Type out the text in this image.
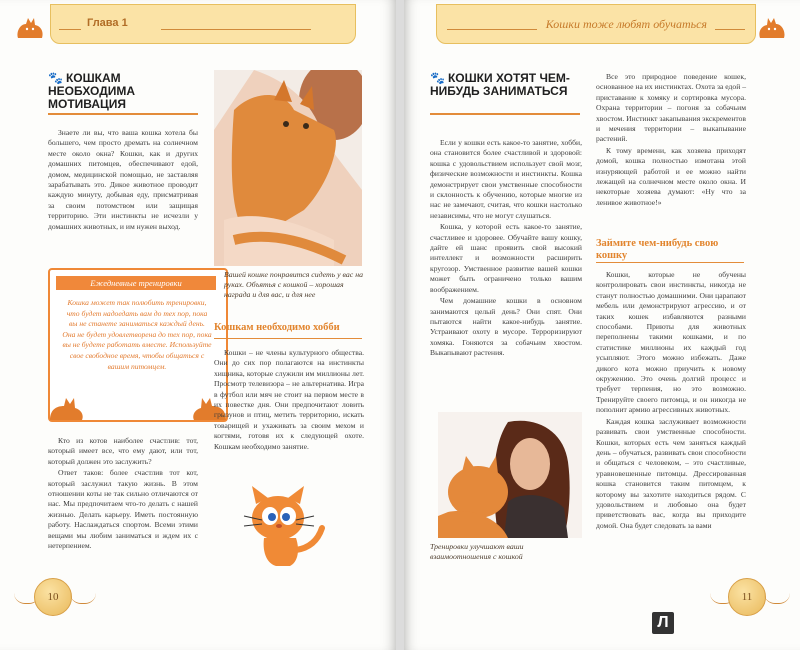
Глава 1
🐾 КОШКАМ НЕОБХОДИМА МОТИВАЦИЯ

Знаете ли вы, что ваша кошка хотела бы большего, чем просто дремать на солнечном месте около окна? Кошки, как и других домашних питомцев, обеспечивают едой, домом, медицинской помощью, не заставляя зарабатывать это. Дикое животное проводит каждую минуту, добывая еду, присматривая за своим потомством или защищая территорию. Эти инстинкты не исчезли у домашних животных, и им нужен выход.

Ежедневные тренировки
Кошка может так полюбить тренировки, что будет надоедать вам до тех пор, пока вы не станете заниматься каждый день. Она не будет удовлетворена до тех пор, пока вы не будете работать вместе. Используйте свое свободное время, чтобы общаться с вашим питомцем.

Кто из котов наиболее счастлив: тот, который имеет все, что ему дают, или тот, который должен это заслужить?

Ответ таков: более счастлив тот кот, который заслужил такую жизнь. В этом отношении коты не так сильно отличаются от нас. Мы предпочитаем что-то делать с нашей жизнью. Делать карьеру. Иметь постоянную работу. Наслаждаться спортом. Всеми этими вещами мы любим заниматься и ждем их с нетерпением.

Вашей кошке понравится сидеть у вас на руках. Объятья с кошкой – хорошая награда и для вас, и для нее
Кошкам необходимо хобби

Кошки – не члены культурного общества. Они до сих пор полагаются на инстинкты хищника, которые служили им миллионы лет. Просмотр телевизора – не альтернатива. Игра в футбол или мяч не стоит на первом месте в их повестке дня. Они предпочитают ловить грызунов и птиц, метить территорию, искать товарищей и ухаживать за своим мехом и когтями, готовя их к следующей охоте. Кошкам необходимо занятие.

10
Кошки тоже любят обучаться
🐾 КОШКИ ХОТЯТ ЧЕМ-НИБУДЬ ЗАНИМАТЬСЯ

Если у кошки есть какое-то занятие, хобби, она становится более счастливой и здоровой: кошка с удовольствием использует свой мозг, физические возможности и инстинкты. Кошка демонстрирует свои умственные способности и склонность к обучению, которые многие из нас не замечают, считая, что кошки настолько независимы, что не могут слушаться.

Кошка, у которой есть какое-то занятие, счастливее и здоровее. Обучайте вашу кошку, дайте ей шанс проявить свой высокий интеллект и возможности расширить кругозор. Умственное развитие вашей кошки может быть ограничено только вашим воображением.

Чем домашние кошки в основном занимаются целый день? Они спят. Они пытаются найти какое-нибудь занятие. Устраивают охоту в мусоре. Терроризируют хомяка. Гоняются за собачьим хвостом. Выкапывают растения.

Тренировки улучшают ваши взаимоотношения с кошкой

Все это природное поведение кошек, основанное на их инстинктах. Охота за едой – приставание к хомяку и сортировка мусора. Охрана территории – погоня за собачьим хвостом. Инстинкт закапывания экскрементов и мечения территории – выкапывание растений.

К тому времени, как хозяева приходят домой, кошка полностью измотана этой изнуряющей работой и ее можно найти лежащей на солнечном месте около окна. И некоторые хозяева думают: «Ну что за ленивое животное!»

Займите чем-нибудь свою кошку

Кошки, которые не обучены контролировать свои инстинкты, никогда не станут полностью домашними. Они царапают мебель или демонстрируют агрессию, и от таких кошек избавляются разными способами. Приюты для животных переполнены такими кошками, и по статистике миллионы их каждый год усыпляют. Этого можно избежать. Даже дикого кота можно приучить к новому окружению. Это очень долгий процесс и требует терпения, но это возможно. Тренируйте своего питомца, и он никогда не пополнит армию агрессивных животных.

Каждая кошка заслуживает возможности развивать свои умственные способности. Кошки, которых есть чем заняться каждый день – обучаться, развивать свои способности и общаться с человеком, – это счастливые, уравновешенные питомцы. Дрессированная кошка становится таким питомцем, к которому вы захотите находиться рядом. С удовольствием и любовью она будет приветствовать вас, когда вы приходите домой. Она будет следовать за вами

11
Л
